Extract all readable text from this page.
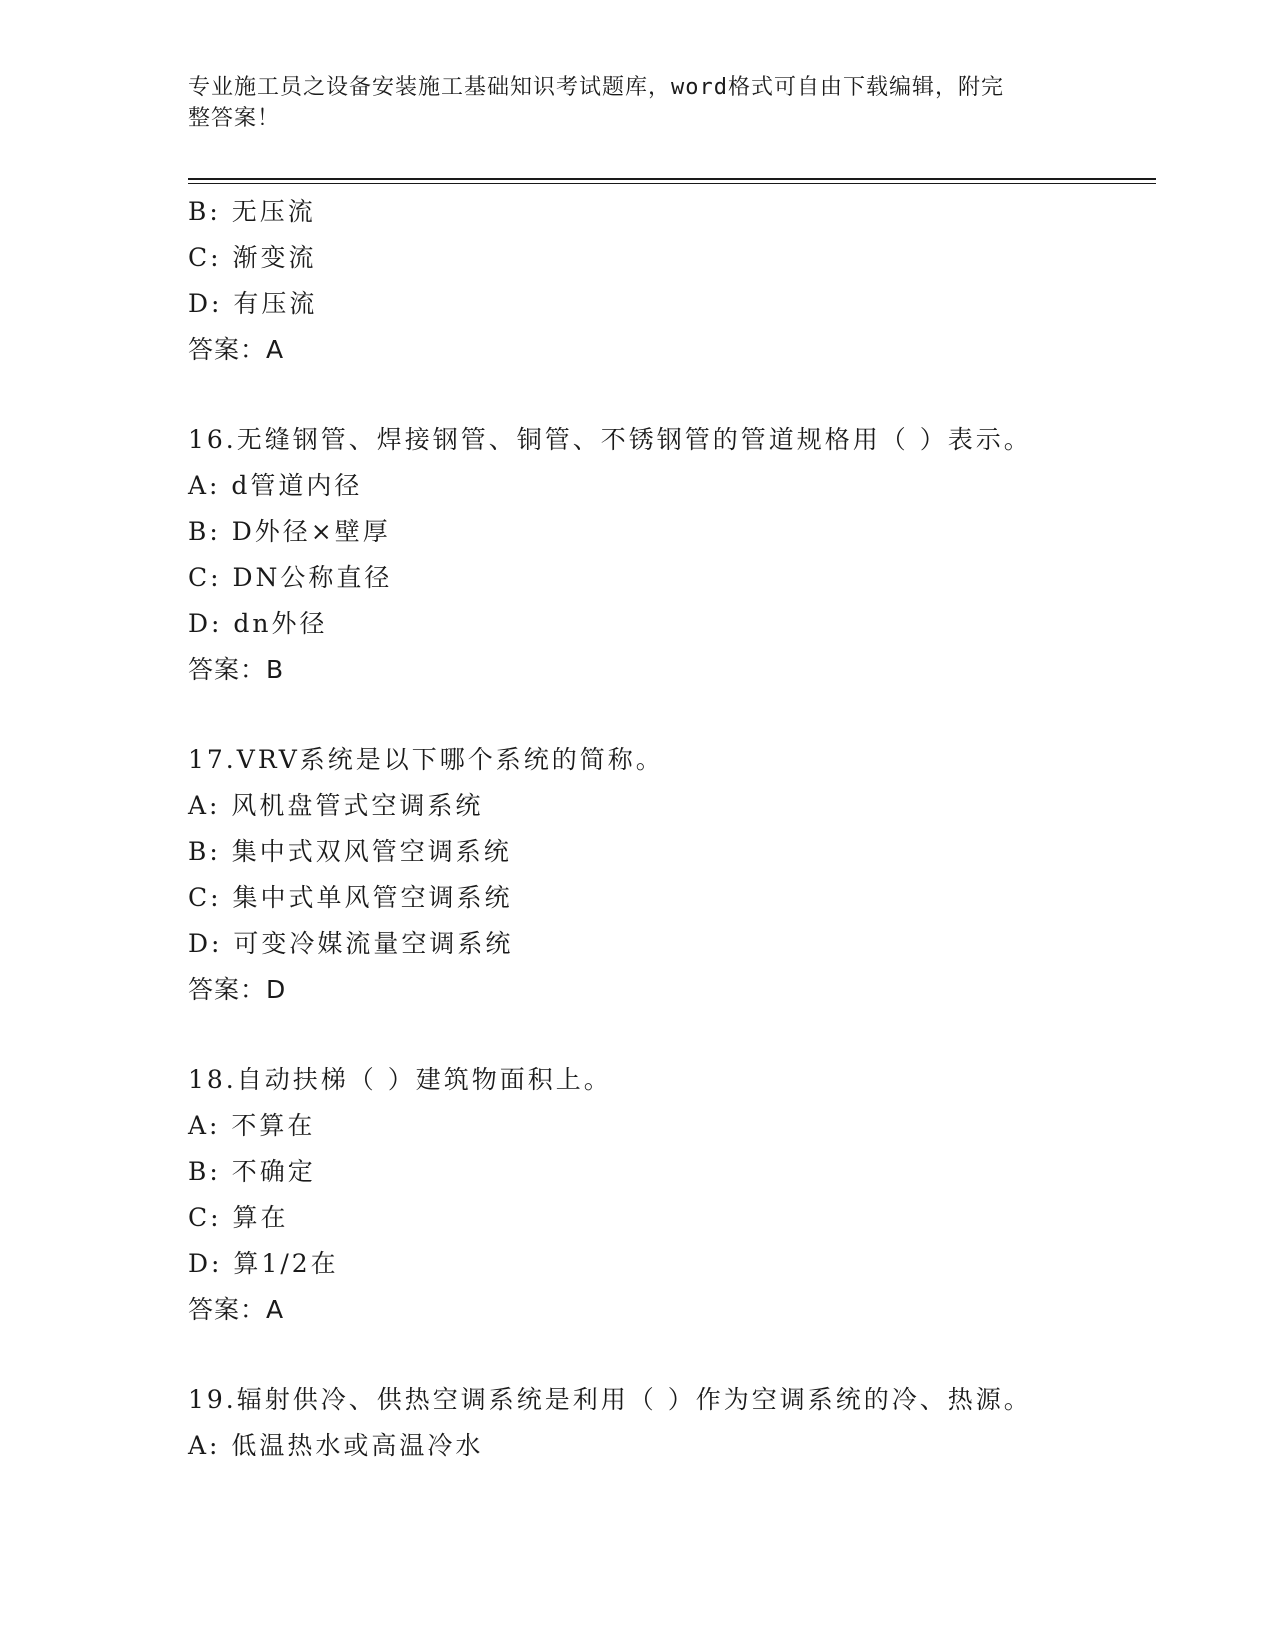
专业施工员之设备安装施工基础知识考试题库，word格式可自由下载编辑，附完
整答案！
B: 无压流
C: 渐变流
D: 有压流
答案：A
16.无缝钢管、焊接钢管、铜管、不锈钢管的管道规格用（ ）表示。
A: d管道内径
B: D外径×壁厚
C: DN公称直径
D: dn外径
答案：B
17.VRV系统是以下哪个系统的简称。
A: 风机盘管式空调系统
B: 集中式双风管空调系统
C: 集中式单风管空调系统
D: 可变冷媒流量空调系统
答案：D
18.自动扶梯（ ）建筑物面积上。
A: 不算在
B: 不确定
C: 算在
D: 算1/2在
答案：A
19.辐射供冷、供热空调系统是利用（ ）作为空调系统的冷、热源。
A: 低温热水或高温冷水
